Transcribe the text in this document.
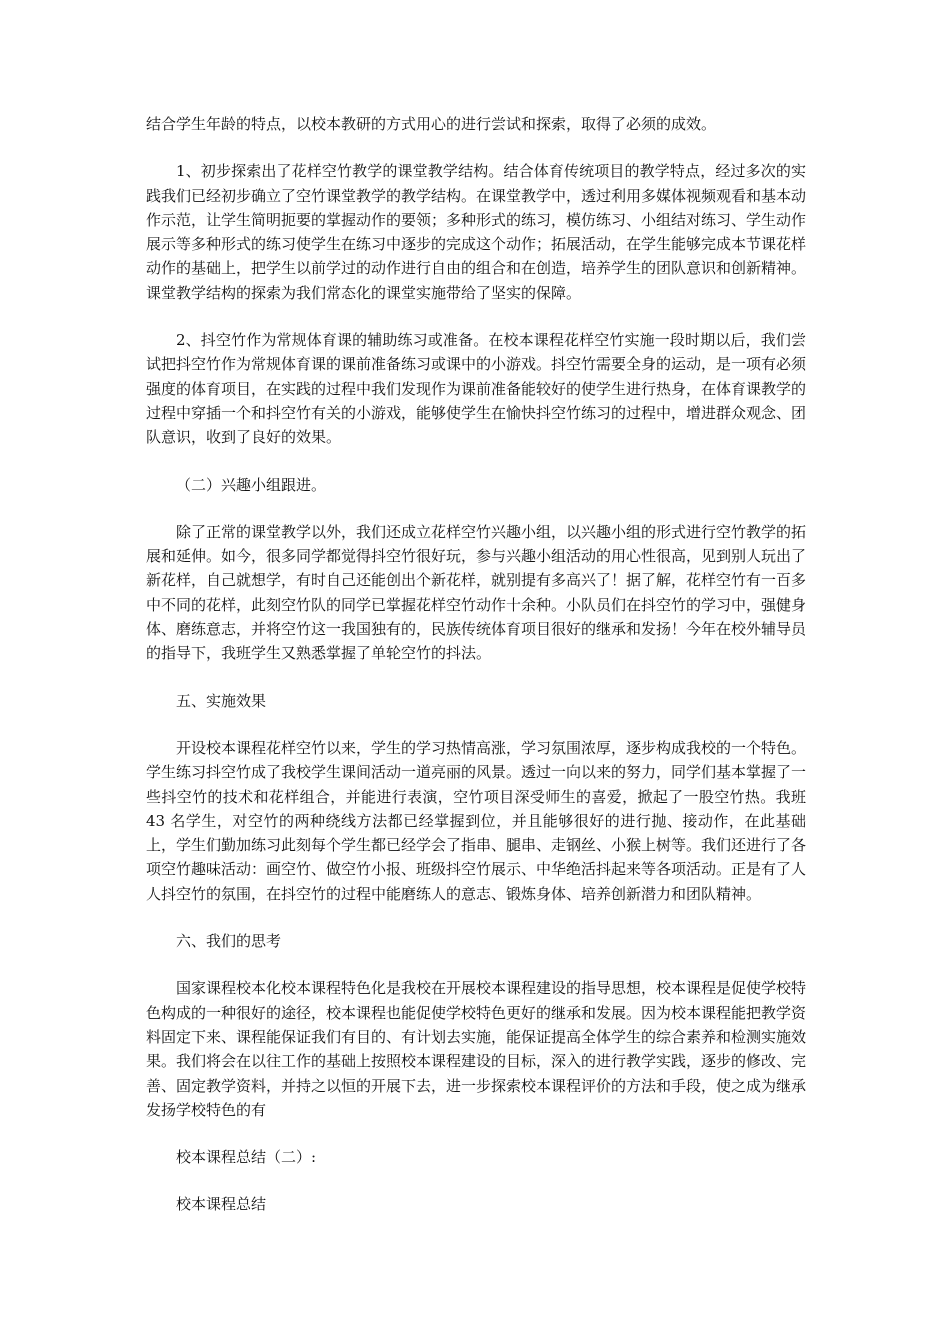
结合学生年龄的特点，以校本教研的方式用心的进行尝试和探索，取得了必须的成效。

1、初步探索出了花样空竹教学的课堂教学结构。结合体育传统项目的教学特点，经过多次的实践我们已经初步确立了空竹课堂教学的教学结构。在课堂教学中，透过利用多媒体视频观看和基本动作示范，让学生简明扼要的掌握动作的要领；多种形式的练习，模仿练习、小组结对练习、学生动作展示等多种形式的练习使学生在练习中逐步的完成这个动作；拓展活动，在学生能够完成本节课花样动作的基础上，把学生以前学过的动作进行自由的组合和在创造，培养学生的团队意识和创新精神。课堂教学结构的探索为我们常态化的课堂实施带给了坚实的保障。

2、抖空竹作为常规体育课的辅助练习或准备。在校本课程花样空竹实施一段时期以后，我们尝试把抖空竹作为常规体育课的课前准备练习或课中的小游戏。抖空竹需要全身的运动，是一项有必须强度的体育项目，在实践的过程中我们发现作为课前准备能较好的使学生进行热身，在体育课教学的过程中穿插一个和抖空竹有关的小游戏，能够使学生在愉快抖空竹练习的过程中，增进群众观念、团队意识，收到了良好的效果。

（二）兴趣小组跟进。

除了正常的课堂教学以外，我们还成立花样空竹兴趣小组，以兴趣小组的形式进行空竹教学的拓展和延伸。如今，很多同学都觉得抖空竹很好玩，参与兴趣小组活动的用心性很高，见到别人玩出了新花样，自己就想学，有时自己还能创出个新花样，就别提有多高兴了！据了解，花样空竹有一百多中不同的花样，此刻空竹队的同学已掌握花样空竹动作十余种。小队员们在抖空竹的学习中，强健身体、磨练意志，并将空竹这一我国独有的，民族传统体育项目很好的继承和发扬！今年在校外辅导员的指导下，我班学生又熟悉掌握了单轮空竹的抖法。

五、实施效果

开设校本课程花样空竹以来，学生的学习热情高涨，学习氛围浓厚，逐步构成我校的一个特色。学生练习抖空竹成了我校学生课间活动一道亮丽的风景。透过一向以来的努力，同学们基本掌握了一些抖空竹的技术和花样组合，并能进行表演，空竹项目深受师生的喜爱，掀起了一股空竹热。我班 43 名学生，对空竹的两种绕线方法都已经掌握到位，并且能够很好的进行抛、接动作，在此基础上，学生们勤加练习此刻每个学生都已经学会了指串、腿串、走钢丝、小猴上树等。我们还进行了各项空竹趣味活动：画空竹、做空竹小报、班级抖空竹展示、中华绝活抖起来等各项活动。正是有了人人抖空竹的氛围，在抖空竹的过程中能磨练人的意志、锻炼身体、培养创新潜力和团队精神。

六、我们的思考

国家课程校本化校本课程特色化是我校在开展校本课程建设的指导思想，校本课程是促使学校特色构成的一种很好的途径，校本课程也能促使学校特色更好的继承和发展。因为校本课程能把教学资料固定下来、课程能保证我们有目的、有计划去实施，能保证提高全体学生的综合素养和检测实施效果。我们将会在以往工作的基础上按照校本课程建设的目标，深入的进行教学实践，逐步的修改、完善、固定教学资料，并持之以恒的开展下去，进一步探索校本课程评价的方法和手段，使之成为继承发扬学校特色的有

校本课程总结（二）:

校本课程总结
